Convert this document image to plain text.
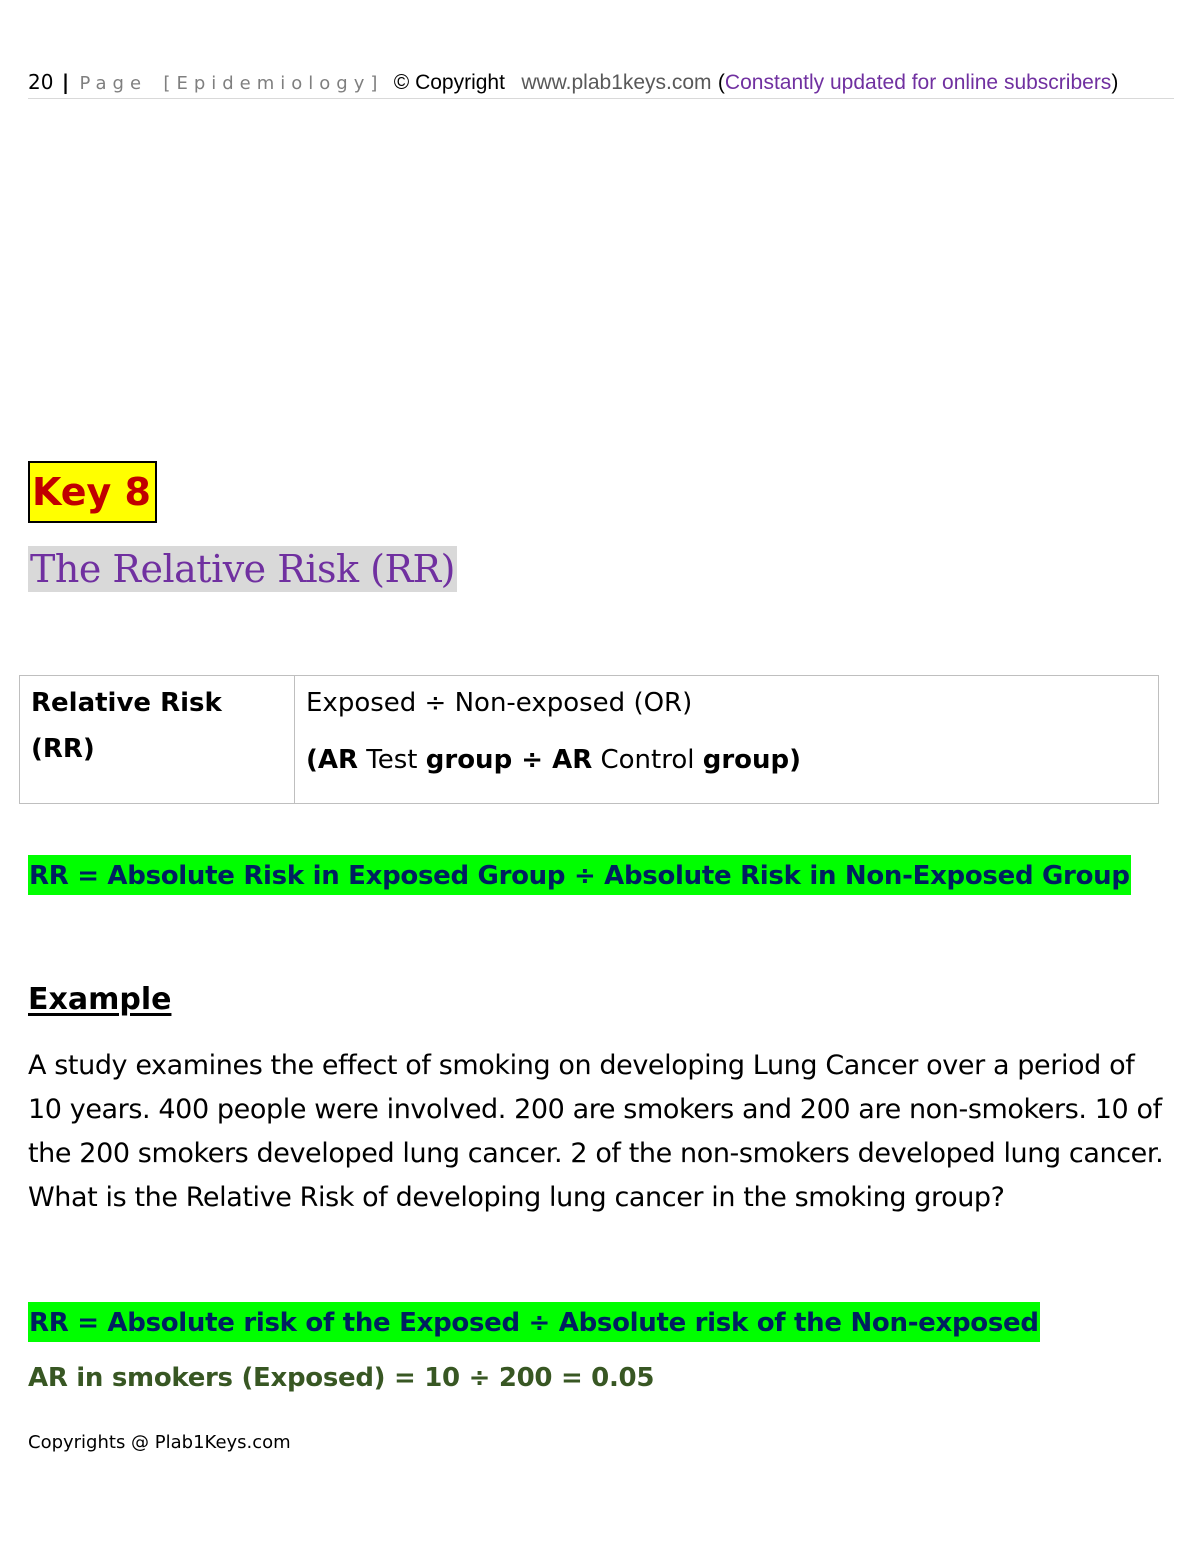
20 | Page [Epidemiology] © Copyright www.plab1keys.com (Constantly updated for online subscribers)
Key 8
The Relative Risk (RR)
Relative Risk (RR)	Exposed ÷ Non-exposed (OR)
(AR Test group ÷ AR Control group)
RR = Absolute Risk in Exposed Group ÷ Absolute Risk in Non-Exposed Group
Example
A study examines the effect of smoking on developing Lung Cancer over a period of 10 years. 400 people were involved. 200 are smokers and 200 are non-smokers. 10 of the 200 smokers developed lung cancer. 2 of the non-smokers developed lung cancer. What is the Relative Risk of developing lung cancer in the smoking group?
RR = Absolute risk of the Exposed ÷ Absolute risk of the Non-exposed
AR in smokers (Exposed) = 10 ÷ 200 = 0.05
Copyrights @ Plab1Keys.com
